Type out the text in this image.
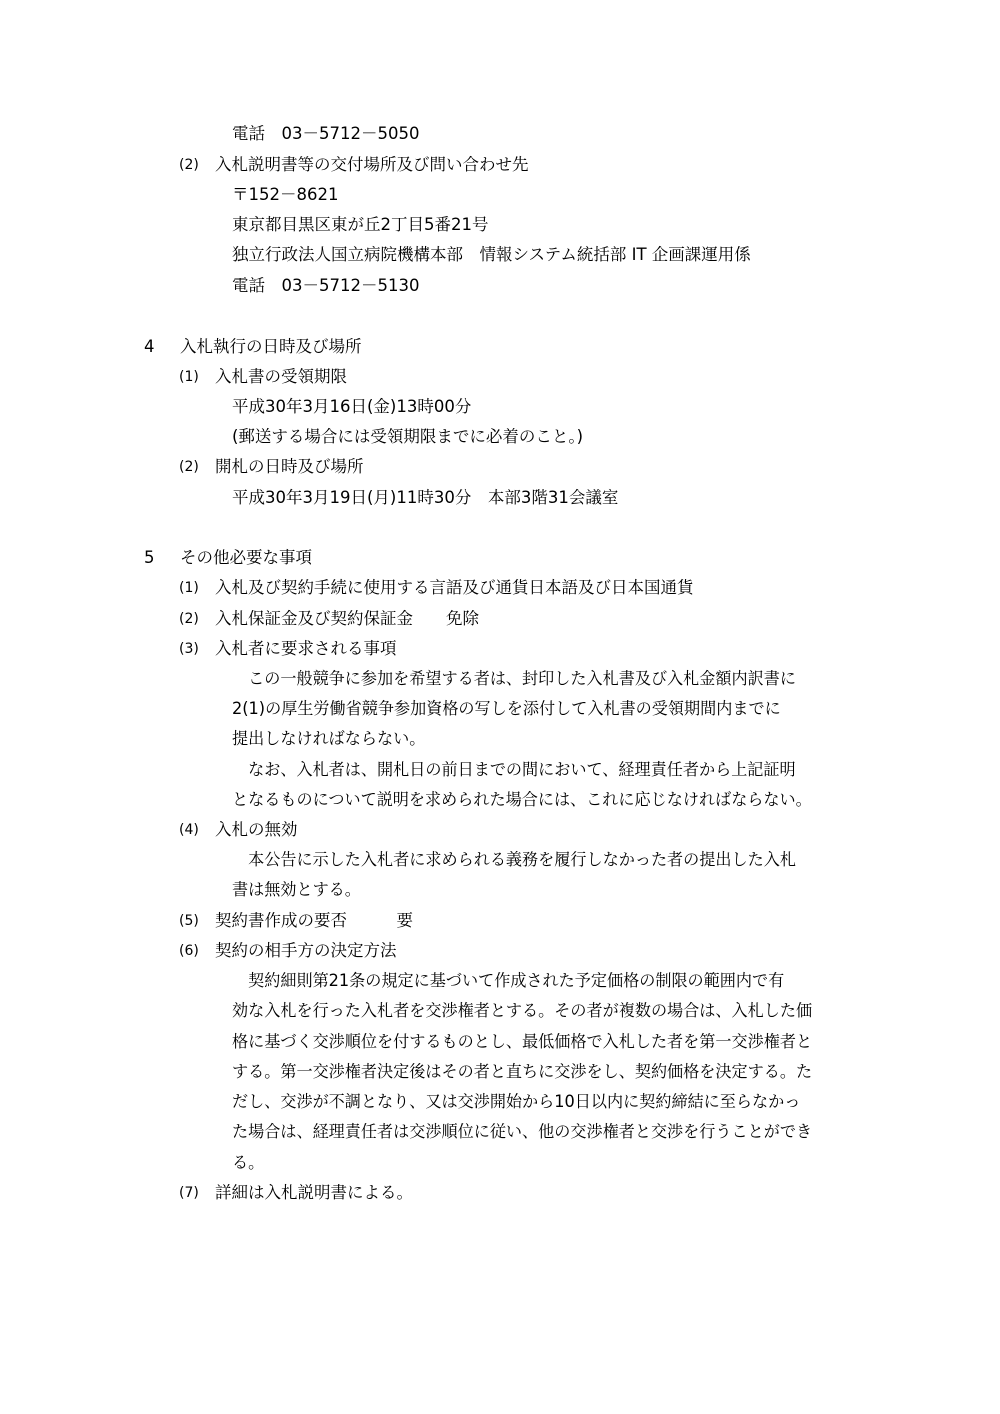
電話　03－5712－5050
(2) 入札説明書等の交付場所及び問い合わせ先
〒152－8621
東京都目黒区東が丘2丁目5番21号
独立行政法人国立病院機構本部　情報システム統括部 IT 企画課運用係
電話　03－5712－5130
4 入札執行の日時及び場所
(1) 入札書の受領期限
平成30年3月16日(金)13時00分
(郵送する場合には受領期限までに必着のこと。)
(2) 開札の日時及び場所
平成30年3月19日(月)11時30分　本部3階31会議室
5 その他必要な事項
(1) 入札及び契約手続に使用する言語及び通貨日本語及び日本国通貨
(2) 入札保証金及び契約保証金　　免除
(3) 入札者に要求される事項
　この一般競争に参加を希望する者は、封印した入札書及び入札金額内訳書に
2(1)の厚生労働省競争参加資格の写しを添付して入札書の受領期間内までに
提出しなければならない。
　なお、入札者は、開札日の前日までの間において、経理責任者から上記証明
となるものについて説明を求められた場合には、これに応じなければならない。
(4) 入札の無効
　本公告に示した入札者に求められる義務を履行しなかった者の提出した入札
書は無効とする。
(5) 契約書作成の要否　　　要
(6) 契約の相手方の決定方法
　契約細則第21条の規定に基づいて作成された予定価格の制限の範囲内で有
効な入札を行った入札者を交渉権者とする。その者が複数の場合は、入札した価
格に基づく交渉順位を付するものとし、最低価格で入札した者を第一交渉権者と
する。第一交渉権者決定後はその者と直ちに交渉をし、契約価格を決定する。た
だし、交渉が不調となり、又は交渉開始から10日以内に契約締結に至らなかっ
た場合は、経理責任者は交渉順位に従い、他の交渉権者と交渉を行うことができ
る。
(7) 詳細は入札説明書による。
